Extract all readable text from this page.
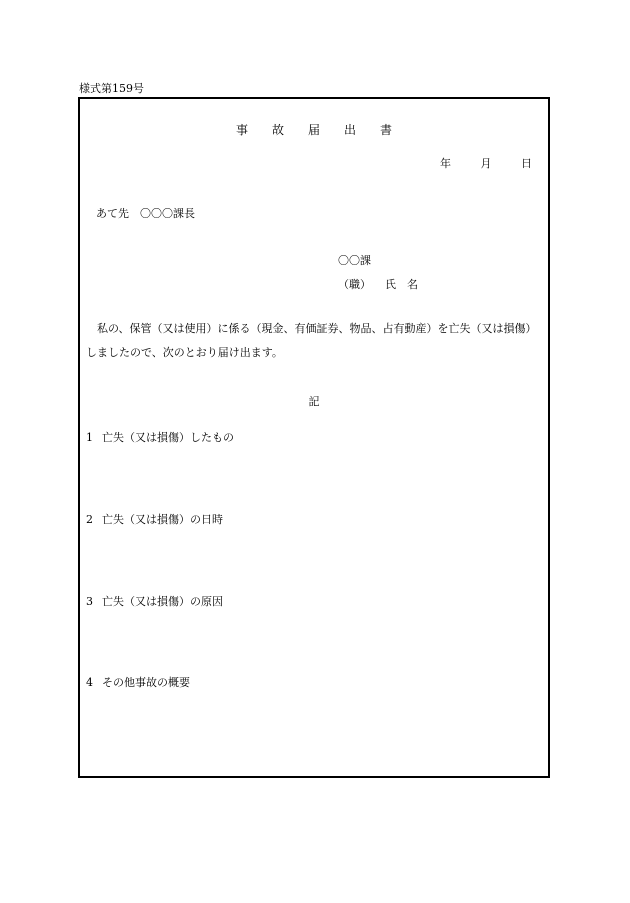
様式第159号
事故届出書
年	月	日
あて先　〇〇〇課長
〇〇課
（職） 氏　名
私の、保管（又は使用）に係る（現金、有価証券、物品、占有動産）を亡失（又は損傷）しましたので、次のとおり届け出ます。
記
1 亡失（又は損傷）したもの
2 亡失（又は損傷）の日時
3 亡失（又は損傷）の原因
4 その他事故の概要
